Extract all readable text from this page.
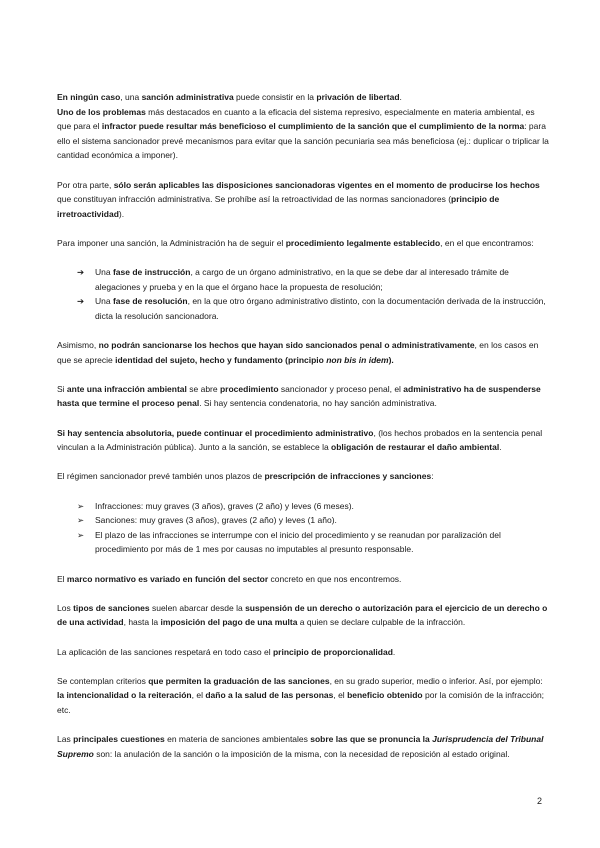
En ningún caso, una sanción administrativa puede consistir en la privación de libertad.

Uno de los problemas más destacados en cuanto a la eficacia del sistema represivo, especialmente en materia ambiental, es que para el infractor puede resultar más beneficioso el cumplimiento de la sanción que el cumplimiento de la norma: para ello el sistema sancionador prevé mecanismos para evitar que la sanción pecuniaria sea más beneficiosa (ej.: duplicar o triplicar la cantidad económica a imponer).

Por otra parte, sólo serán aplicables las disposiciones sancionadoras vigentes en el momento de producirse los hechos que constituyan infracción administrativa. Se prohíbe así la retroactividad de las normas sancionadores (principio de irretroactividad).

Para imponer una sanción, la Administración ha de seguir el procedimiento legalmente establecido, en el que encontramos:

➔ Una fase de instrucción, a cargo de un órgano administrativo, en la que se debe dar al interesado trámite de alegaciones y prueba y en la que el órgano hace la propuesta de resolución;
➔ Una fase de resolución, en la que otro órgano administrativo distinto, con la documentación derivada de la instrucción, dicta la resolución sancionadora.

Asimismo, no podrán sancionarse los hechos que hayan sido sancionados penal o administrativamente, en los casos en que se aprecie identidad del sujeto, hecho y fundamento (principio non bis in idem).

Si ante una infracción ambiental se abre procedimiento sancionador y proceso penal, el administrativo ha de suspenderse hasta que termine el proceso penal. Si hay sentencia condenatoria, no hay sanción administrativa.

Si hay sentencia absolutoria, puede continuar el procedimiento administrativo, (los hechos probados en la sentencia penal vinculan a la Administración pública). Junto a la sanción, se establece la obligación de restaurar el daño ambiental.

El régimen sancionador prevé también unos plazos de prescripción de infracciones y sanciones:

➢ Infracciones: muy graves (3 años), graves (2 año) y leves (6 meses).
➢ Sanciones: muy graves (3 años), graves (2 año) y leves (1 año).
➢ El plazo de las infracciones se interrumpe con el inicio del procedimiento y se reanudan por paralización del procedimiento por más de 1 mes por causas no imputables al presunto responsable.

El marco normativo es variado en función del sector concreto en que nos encontremos.

Los tipos de sanciones suelen abarcar desde la suspensión de un derecho o autorización para el ejercicio de un derecho o de una actividad, hasta la imposición del pago de una multa a quien se declare culpable de la infracción.

La aplicación de las sanciones respetará en todo caso el principio de proporcionalidad.

Se contemplan criterios que permiten la graduación de las sanciones, en su grado superior, medio o inferior. Así, por ejemplo: la intencionalidad o la reiteración, el daño a la salud de las personas, el beneficio obtenido por la comisión de la infracción; etc.

Las principales cuestiones en materia de sanciones ambientales sobre las que se pronuncia la Jurisprudencia del Tribunal Supremo son: la anulación de la sanción o la imposición de la misma, con la necesidad de reposición al estado original.

2
